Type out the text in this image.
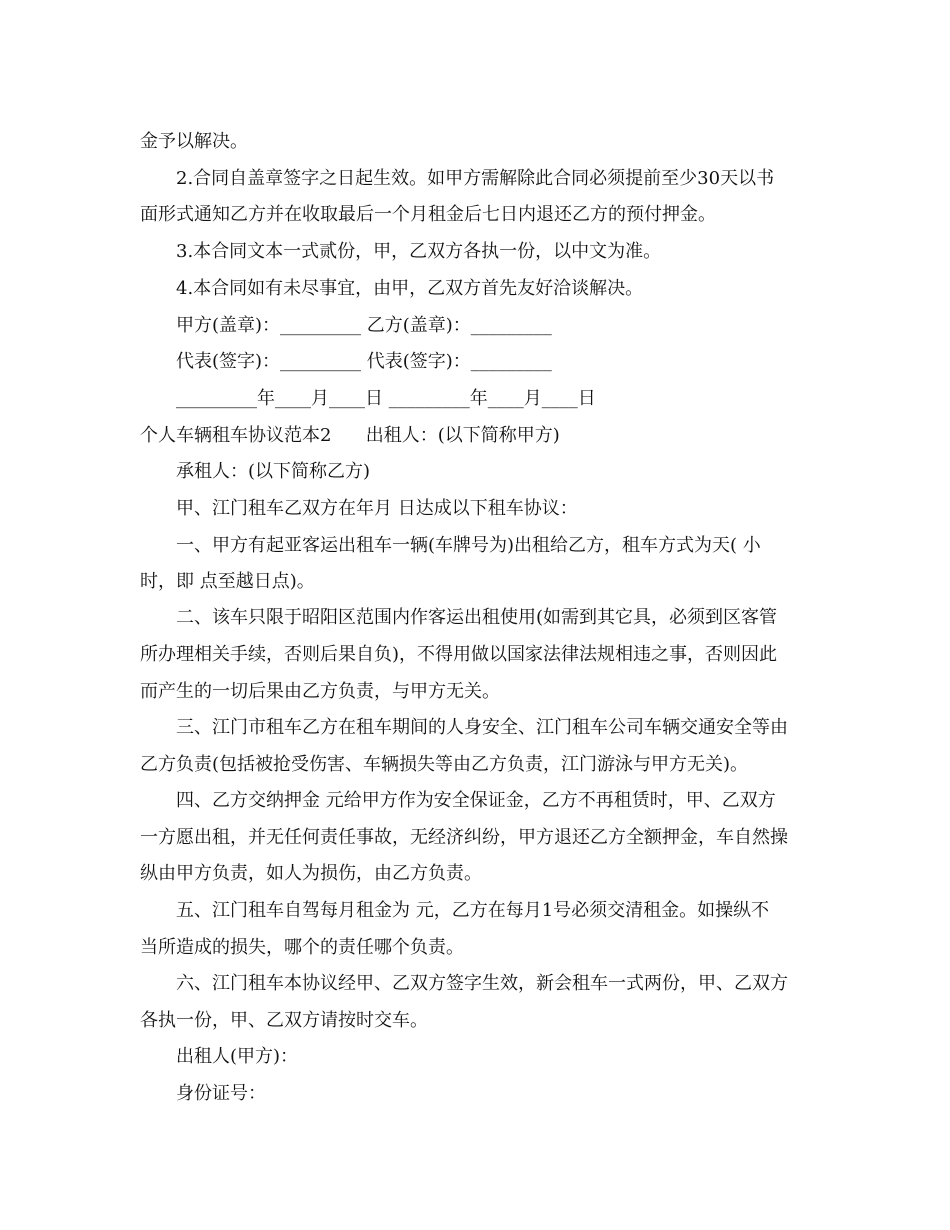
金予以解决。
2.合同自盖章签字之日起生效。如甲方需解除此合同必须提前至少30天以书
面形式通知乙方并在收取最后一个月租金后七日内退还乙方的预付押金。
3.本合同文本一式贰份，甲，乙双方各执一份，以中文为准。
4.本合同如有未尽事宜，由甲，乙双方首先友好洽谈解决。
甲方(盖章)：_________ 乙方(盖章)：_________
代表(签字)：_________ 代表(签字)：_________
_________年____月____日 _________年____月____日
个人车辆租车协议范本2      出租人：(以下简称甲方)
承租人：(以下简称乙方)
甲、江门租车乙双方在年月 日达成以下租车协议：
一、甲方有起亚客运出租车一辆(车牌号为)出租给乙方，租车方式为天( 小
时，即 点至越日点)。
二、该车只限于昭阳区范围内作客运出租使用(如需到其它具，必须到区客管
所办理相关手续，否则后果自负)，不得用做以国家法律法规相违之事，否则因此
而产生的一切后果由乙方负责，与甲方无关。
三、江门市租车乙方在租车期间的人身安全、江门租车公司车辆交通安全等由
乙方负责(包括被抢受伤害、车辆损失等由乙方负责，江门游泳与甲方无关)。
四、乙方交纳押金 元给甲方作为安全保证金，乙方不再租赁时，甲、乙双方
一方愿出租，并无任何责任事故，无经济纠纷，甲方退还乙方全额押金，车自然操
纵由甲方负责，如人为损伤，由乙方负责。
五、江门租车自驾每月租金为 元，乙方在每月1号必须交清租金。如操纵不
当所造成的损失，哪个的责任哪个负责。
六、江门租车本协议经甲、乙双方签字生效，新会租车一式两份，甲、乙双方
各执一份，甲、乙双方请按时交车。
出租人(甲方)：
身份证号：
